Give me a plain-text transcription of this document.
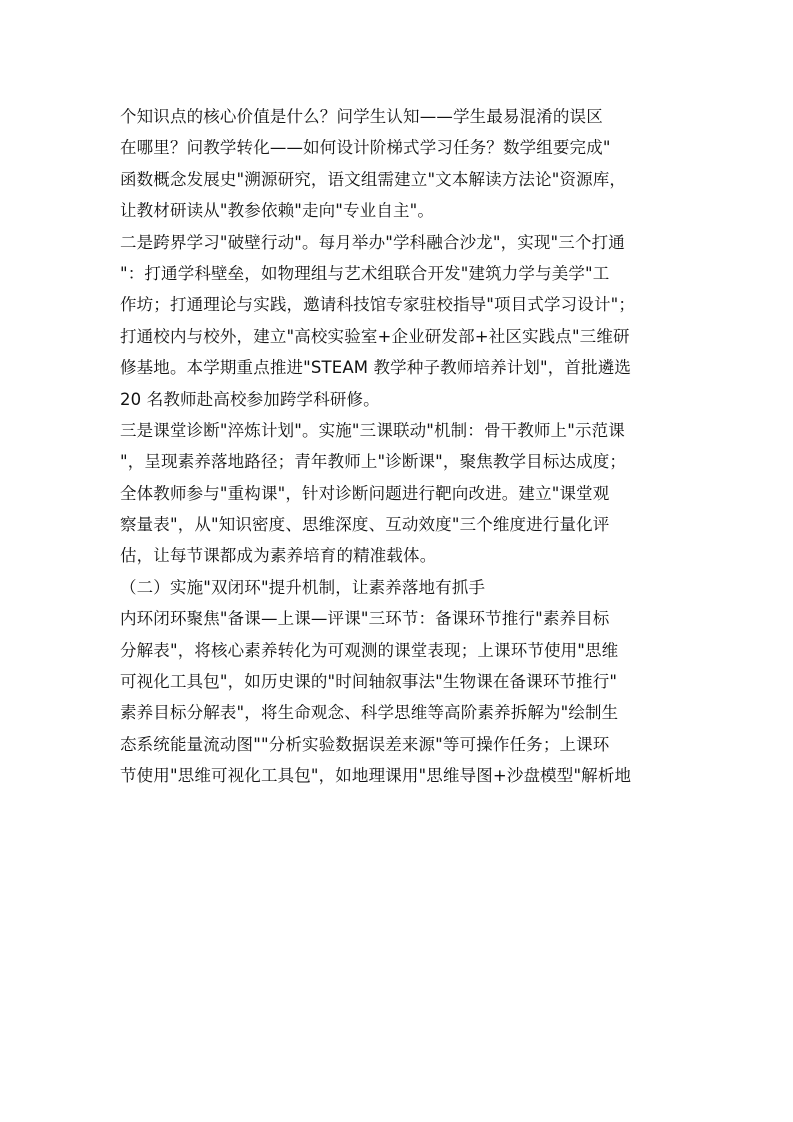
个知识点的核心价值是什么？问学生认知——学生最易混淆的误区
在哪里？问教学转化——如何设计阶梯式学习任务？数学组要完成"
函数概念发展史"溯源研究，语文组需建立"文本解读方法论"资源库，
让教材研读从"教参依赖"走向"专业自主"。
二是跨界学习"破壁行动"。每月举办"学科融合沙龙"，实现"三个打通
"：打通学科壁垒，如物理组与艺术组联合开发"建筑力学与美学"工
作坊；打通理论与实践，邀请科技馆专家驻校指导"项目式学习设计"；
打通校内与校外，建立"高校实验室+企业研发部+社区实践点"三维研
修基地。本学期重点推进"STEAM 教学种子教师培养计划"，首批遴选
20 名教师赴高校参加跨学科研修。
三是课堂诊断"淬炼计划"。实施"三课联动"机制：骨干教师上"示范课
"，呈现素养落地路径；青年教师上"诊断课"，聚焦教学目标达成度；
全体教师参与"重构课"，针对诊断问题进行靶向改进。建立"课堂观
察量表"，从"知识密度、思维深度、互动效度"三个维度进行量化评
估，让每节课都成为素养培育的精准载体。
（二）实施"双闭环"提升机制，让素养落地有抓手
内环闭环聚焦"备课—上课—评课"三环节：备课环节推行"素养目标
分解表"，将核心素养转化为可观测的课堂表现；上课环节使用"思维
可视化工具包"，如历史课的"时间轴叙事法"生物课在备课环节推行"
素养目标分解表"，将生命观念、科学思维等高阶素养拆解为"绘制生
态系统能量流动图""分析实验数据误差来源"等可操作任务；上课环
节使用"思维可视化工具包"，如地理课用"思维导图+沙盘模型"解析地
